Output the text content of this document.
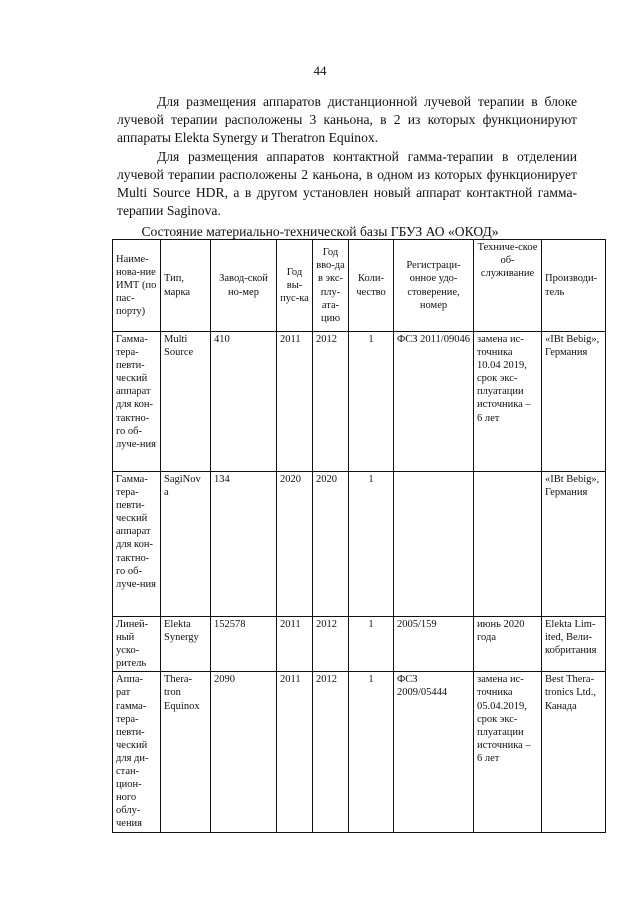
44

Для размещения аппаратов дистанционной лучевой терапии в блоке лучевой терапии расположены 3 каньона, в 2 из которых функционируют аппараты Elekta Synergy и Theratron Equinox.

Для размещения аппаратов контактной гамма-терапии в отделении лучевой терапии расположены 2 каньона, в одном из которых функционирует Multi Source HDR, а в другом установлен новый аппарат контактной гамма-терапии Saginova.

Состояние материально-технической базы ГБУЗ АО «ОКОД»
Наиме-нова-ние ИМТ (по пас-порту)	Тип, марка	Завод-ской но-мер	Год вы-пус-ка	Год вво-да в экс-плу-ата-цию	Коли-чество	Регистраци-онное удо-стоверение, номер	Техниче-ское об-служивание	Производи-тель
Гамма-тера-певти-ческий аппарат для кон-тактно-го об-луче-ния	Multi Source	410	2011	2012	1	ФСЗ 2011/09046	замена ис-точника 10.04 2019, срок экс-плуатации источника – 6 лет	«IBt Bebig», Германия
Гамма-тера-певти-ческий аппарат для кон-тактно-го об-луче-ния	SagiNov a	134	2020	2020	1			«IBt Bebig», Германия
Линей-ный уско-ритель	Elekta Synergy	152578	2011	2012	1	2005/159	июнь 2020 года	Elekta Lim-ited, Вели-кобритания
Аппа-рат гамма-тера-певти-ческий для ди-стан-цион-ного облу-чения	Thera-tron Equinox	2090	2011	2012	1	ФСЗ 2009/05444	замена ис-точника 05.04.2019, срок экс-плуатации источника – 6 лет	Best Thera-tronics Ltd., Канада
